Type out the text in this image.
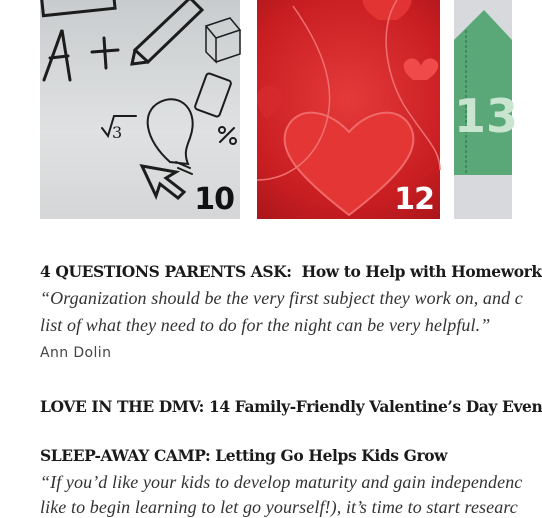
3
10	12
13
4 QUESTIONS PARENTS ASK: How to Help with Homework
“Organization should be the very first subject they work on, and c
list of what they need to do for the night can be very helpful.”
Ann Dolin
LOVE IN THE DMV: 14 Family-Friendly Valentine’s Day Even
SLEEP-AWAY CAMP: Letting Go Helps Kids Grow
“If you’d like your kids to develop maturity and gain independenc
like to begin learning to let go yourself!), it’s time to start researc
